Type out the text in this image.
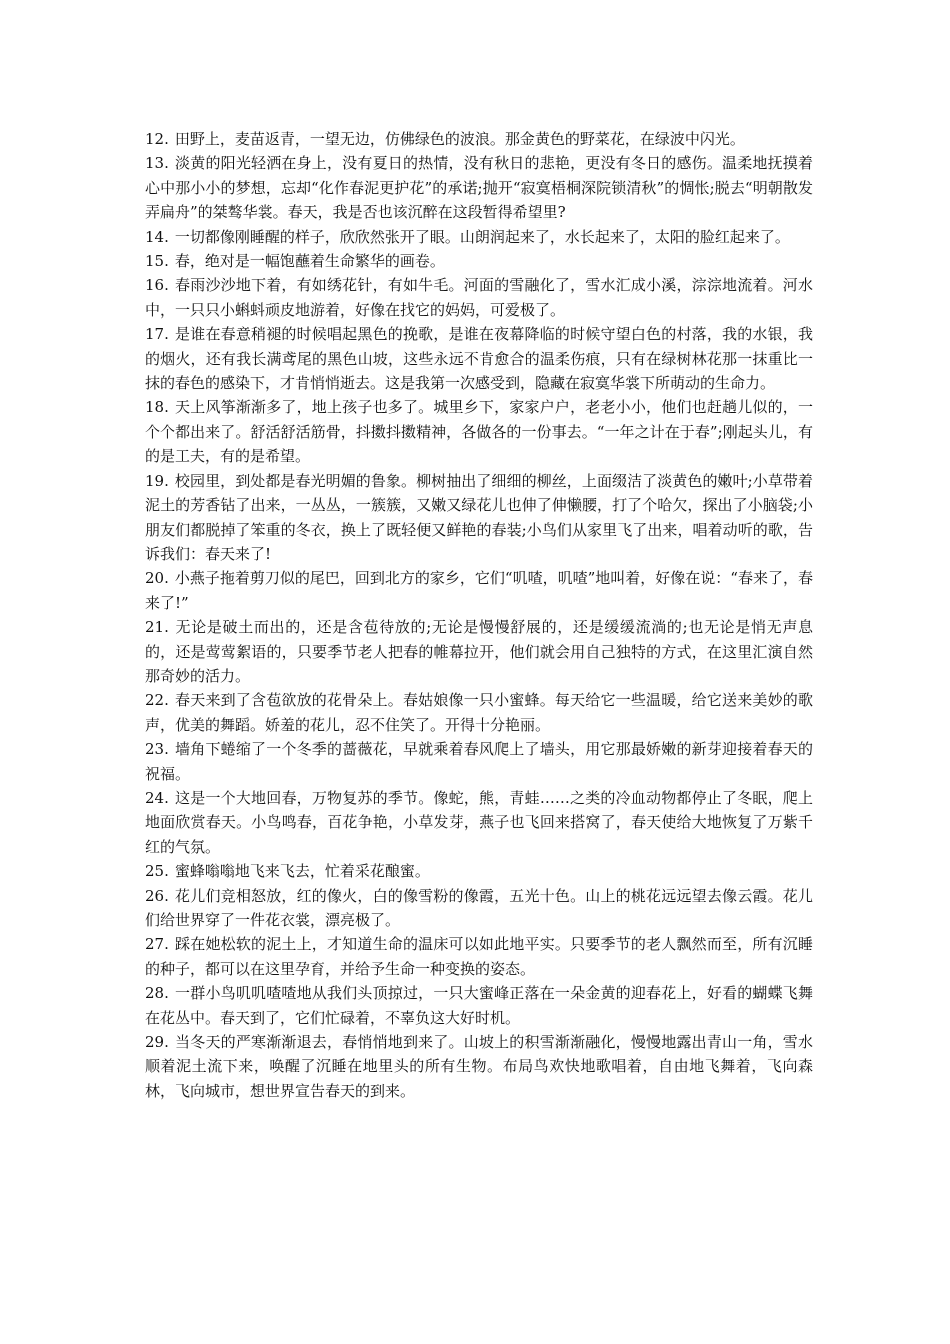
12. 田野上，麦苗返青，一望无边，仿佛绿色的波浪。那金黄色的野菜花，在绿波中闪光。

13. 淡黄的阳光轻洒在身上，没有夏日的热情，没有秋日的悲艳，更没有冬日的感伤。温柔地抚摸着心中那小小的梦想，忘却“化作春泥更护花”的承诺;抛开“寂寞梧桐深院锁清秋”的惆怅;脱去“明朝散发弄扁舟”的桀骜华裳。春天，我是否也该沉醉在这段暂得希望里?

14. 一切都像刚睡醒的样子，欣欣然张开了眼。山朗润起来了，水长起来了，太阳的脸红起来了。

15. 春，绝对是一幅饱蘸着生命繁华的画卷。

16. 春雨沙沙地下着，有如绣花针，有如牛毛。河面的雪融化了，雪水汇成小溪，淙淙地流着。河水中，一只只小蝌蚪顽皮地游着，好像在找它的妈妈，可爱极了。

17. 是谁在春意稍褪的时候唱起黑色的挽歌，是谁在夜幕降临的时候守望白色的村落，我的水银，我的烟火，还有我长满鸢尾的黑色山坡，这些永远不肯愈合的温柔伤痕，只有在绿树林花那一抹重比一抹的春色的感染下，才肯悄悄逝去。这是我第一次感受到，隐藏在寂寞华裳下所萌动的生命力。

18. 天上风筝渐渐多了，地上孩子也多了。城里乡下，家家户户，老老小小，他们也赶趟儿似的，一个个都出来了。舒活舒活筋骨，抖擞抖擞精神，各做各的一份事去。“一年之计在于春”;刚起头儿，有的是工夫，有的是希望。

19. 校园里，到处都是春光明媚的鲁象。柳树抽出了细细的柳丝，上面缀洁了淡黄色的嫩叶;小草带着泥土的芳香钻了出来，一丛丛，一簇簇，又嫩又绿花儿也伸了伸懒腰，打了个哈欠，探出了小脑袋;小朋友们都脱掉了笨重的冬衣，换上了既轻便又鲜艳的春装;小鸟们从家里飞了出来，唱着动听的歌，告诉我们：春天来了!

20. 小燕子拖着剪刀似的尾巴，回到北方的家乡，它们“叽喳，叽喳”地叫着，好像在说：“春来了，春来了!”

21. 无论是破土而出的，还是含苞待放的;无论是慢慢舒展的，还是缓缓流淌的;也无论是悄无声息的，还是莺莺絮语的，只要季节老人把春的帷幕拉开，他们就会用自己独特的方式，在这里汇演自然那奇妙的活力。

22. 春天来到了含苞欲放的花骨朵上。春姑娘像一只小蜜蜂。每天给它一些温暖，给它送来美妙的歌声，优美的舞蹈。娇羞的花儿，忍不住笑了。开得十分艳丽。

23. 墙角下蜷缩了一个冬季的蔷薇花，早就乘着春风爬上了墙头，用它那最娇嫩的新芽迎接着春天的祝福。

24. 这是一个大地回春，万物复苏的季节。像蛇，熊，青蛙……之类的冷血动物都停止了冬眠，爬上地面欣赏春天。小鸟鸣春，百花争艳，小草发芽，燕子也飞回来搭窝了，春天使给大地恢复了万紫千红的气氛。

25. 蜜蜂嗡嗡地飞来飞去，忙着采花酿蜜。

26. 花儿们竞相怒放，红的像火，白的像雪粉的像霞，五光十色。山上的桃花远远望去像云霞。花儿们给世界穿了一件花衣裳，漂亮极了。

27. 踩在她松软的泥土上，才知道生命的温床可以如此地平实。只要季节的老人飘然而至，所有沉睡的种子，都可以在这里孕育，并给予生命一种变换的姿态。

28. 一群小鸟叽叽喳喳地从我们头顶掠过，一只大蜜峰正落在一朵金黄的迎春花上，好看的蝴蝶飞舞在花丛中。春天到了，它们忙碌着，不辜负这大好时机。

29. 当冬天的严寒渐渐退去，春悄悄地到来了。山坡上的积雪渐渐融化，慢慢地露出青山一角，雪水顺着泥土流下来，唤醒了沉睡在地里头的所有生物。布局鸟欢快地歌唱着，自由地飞舞着，飞向森林，飞向城市，想世界宣告春天的到来。
